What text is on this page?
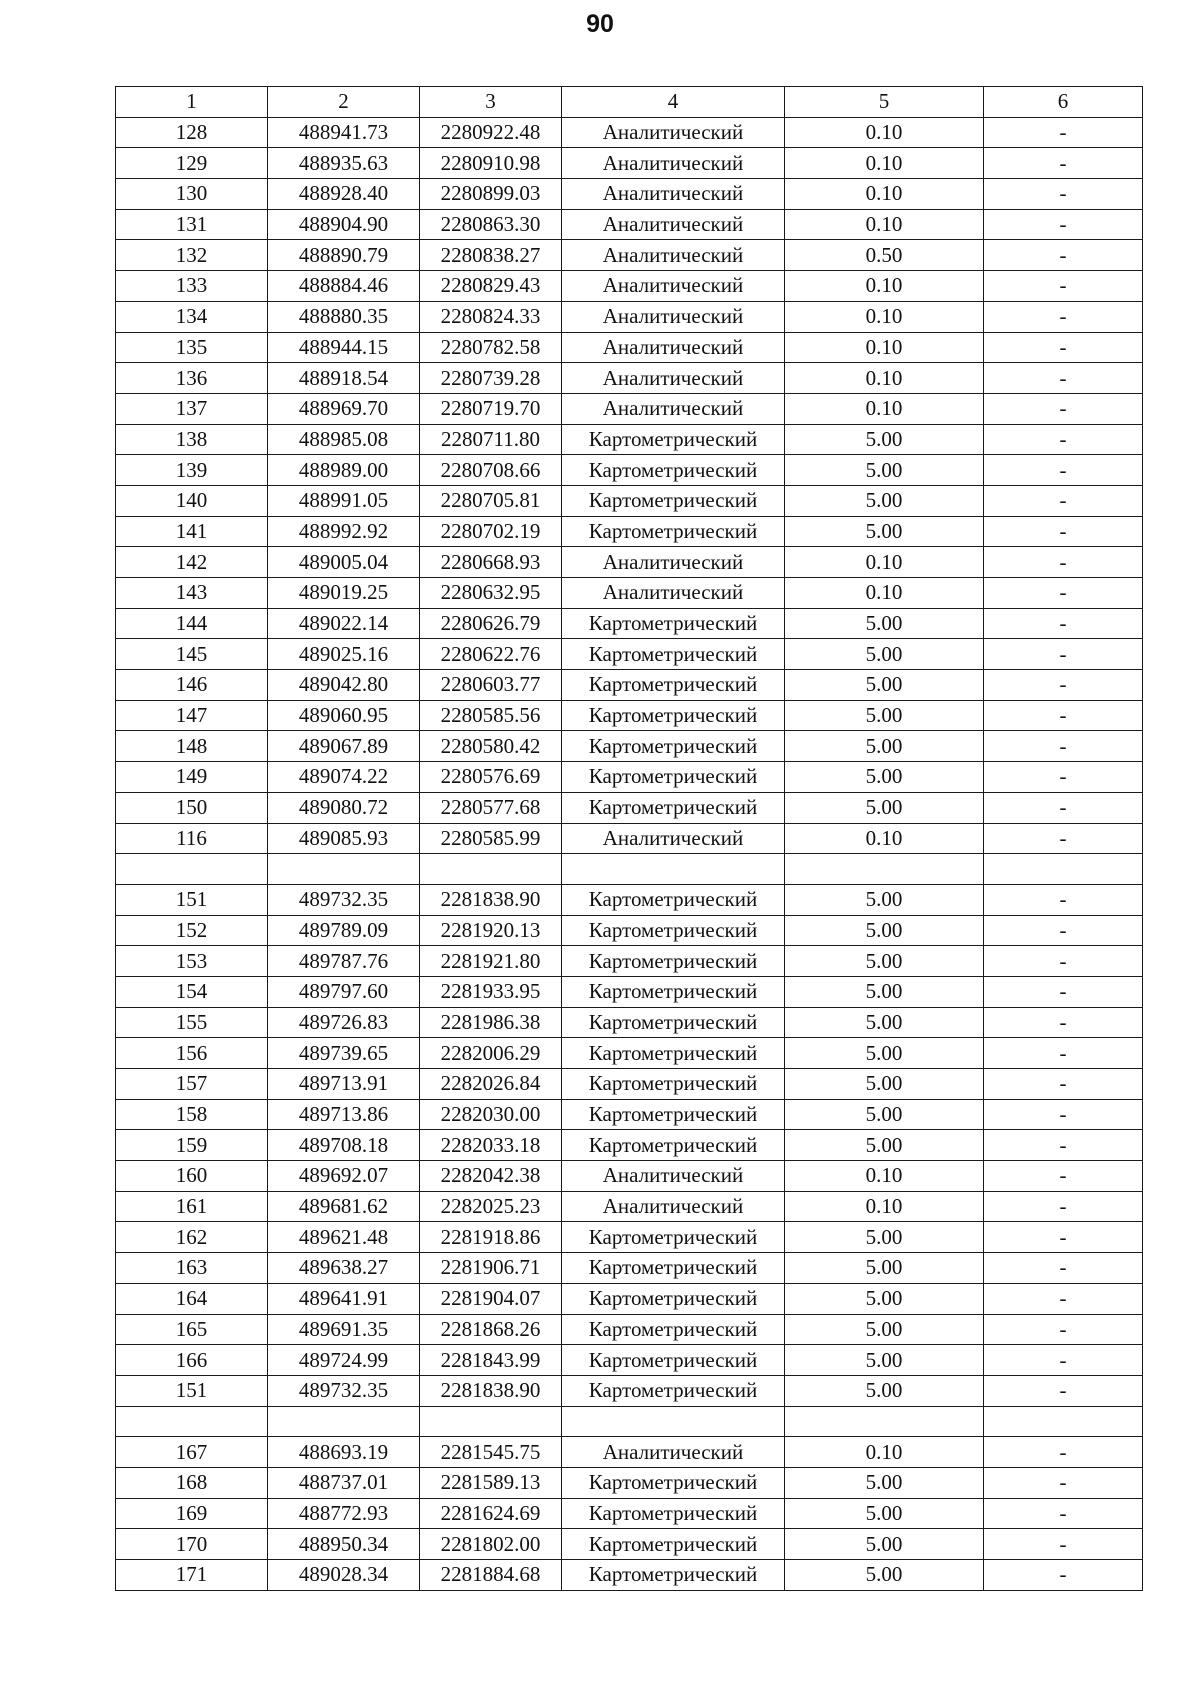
90
1	2	3	4	5	6
128	488941.73	2280922.48	Аналитический	0.10	-
129	488935.63	2280910.98	Аналитический	0.10	-
130	488928.40	2280899.03	Аналитический	0.10	-
131	488904.90	2280863.30	Аналитический	0.10	-
132	488890.79	2280838.27	Аналитический	0.50	-
133	488884.46	2280829.43	Аналитический	0.10	-
134	488880.35	2280824.33	Аналитический	0.10	-
135	488944.15	2280782.58	Аналитический	0.10	-
136	488918.54	2280739.28	Аналитический	0.10	-
137	488969.70	2280719.70	Аналитический	0.10	-
138	488985.08	2280711.80	Картометрический	5.00	-
139	488989.00	2280708.66	Картометрический	5.00	-
140	488991.05	2280705.81	Картометрический	5.00	-
141	488992.92	2280702.19	Картометрический	5.00	-
142	489005.04	2280668.93	Аналитический	0.10	-
143	489019.25	2280632.95	Аналитический	0.10	-
144	489022.14	2280626.79	Картометрический	5.00	-
145	489025.16	2280622.76	Картометрический	5.00	-
146	489042.80	2280603.77	Картометрический	5.00	-
147	489060.95	2280585.56	Картометрический	5.00	-
148	489067.89	2280580.42	Картометрический	5.00	-
149	489074.22	2280576.69	Картометрический	5.00	-
150	489080.72	2280577.68	Картометрический	5.00	-
116	489085.93	2280585.99	Аналитический	0.10	-

151	489732.35	2281838.90	Картометрический	5.00	-
152	489789.09	2281920.13	Картометрический	5.00	-
153	489787.76	2281921.80	Картометрический	5.00	-
154	489797.60	2281933.95	Картометрический	5.00	-
155	489726.83	2281986.38	Картометрический	5.00	-
156	489739.65	2282006.29	Картометрический	5.00	-
157	489713.91	2282026.84	Картометрический	5.00	-
158	489713.86	2282030.00	Картометрический	5.00	-
159	489708.18	2282033.18	Картометрический	5.00	-
160	489692.07	2282042.38	Аналитический	0.10	-
161	489681.62	2282025.23	Аналитический	0.10	-
162	489621.48	2281918.86	Картометрический	5.00	-
163	489638.27	2281906.71	Картометрический	5.00	-
164	489641.91	2281904.07	Картометрический	5.00	-
165	489691.35	2281868.26	Картометрический	5.00	-
166	489724.99	2281843.99	Картометрический	5.00	-
151	489732.35	2281838.90	Картометрический	5.00	-

167	488693.19	2281545.75	Аналитический	0.10	-
168	488737.01	2281589.13	Картометрический	5.00	-
169	488772.93	2281624.69	Картометрический	5.00	-
170	488950.34	2281802.00	Картометрический	5.00	-
171	489028.34	2281884.68	Картометрический	5.00	-
